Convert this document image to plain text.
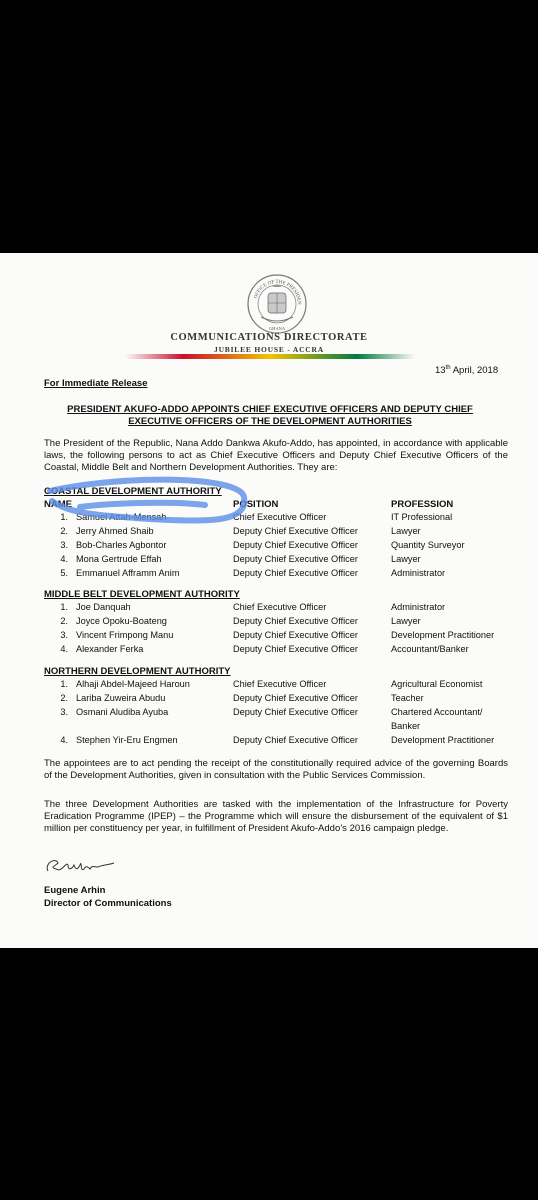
OFFICE OF THE PRESIDEN
GHANA
COMMUNICATIONS DIRECTORATE
JUBILEE HOUSE - ACCRA
13th April, 2018
For Immediate Release
PRESIDENT AKUFO-ADDO APPOINTS CHIEF EXECUTIVE OFFICERS AND DEPUTY CHIEF EXECUTIVE OFFICERS OF THE DEVELOPMENT AUTHORITIES
The President of the Republic, Nana Addo Dankwa Akufo-Addo, has appointed, in accordance with applicable laws, the following persons to act as Chief Executive Officers and Deputy Chief Executive Officers of the Coastal, Middle Belt and Northern Development Authorities. They are:
COASTAL DEVELOPMENT AUTHORITY
NAME	POSITION	PROFESSION
1. Samuel Attah-Mensah	Chief Executive Officer	IT Professional
2. Jerry Ahmed Shaib	Deputy Chief Executive Officer	Lawyer
3. Bob-Charles Agbontor	Deputy Chief Executive Officer	Quantity Surveyor
4. Mona Gertrude Effah	Deputy Chief Executive Officer	Lawyer
5. Emmanuel Afframm Anim	Deputy Chief Executive Officer	Administrator
MIDDLE BELT DEVELOPMENT AUTHORITY
1. Joe Danquah	Chief Executive Officer	Administrator
2. Joyce Opoku-Boateng	Deputy Chief Executive Officer	Lawyer
3. Vincent Frimpong Manu	Deputy Chief Executive Officer	Development Practitioner
4. Alexander Ferka	Deputy Chief Executive Officer	Accountant/Banker
NORTHERN DEVELOPMENT AUTHORITY
1. Alhaji Abdel-Majeed Haroun	Chief Executive Officer	Agricultural Economist
2. Lariba Zuweira Abudu	Deputy Chief Executive Officer	Teacher
3. Osmani Aludiba Ayuba	Deputy Chief Executive Officer	Chartered Accountant/
Banker
4. Stephen Yir-Eru Engmen	Deputy Chief Executive Officer	Development Practitioner
The appointees are to act pending the receipt of the constitutionally required advice of the governing Boards of the Development Authorities, given in consultation with the Public Services Commission.
The three Development Authorities are tasked with the implementation of the Infrastructure for Poverty Eradication Programme (IPEP) – the Programme which will ensure the disbursement of the equivalent of $1 million per constituency per year, in fulfillment of President Akufo-Addo’s 2016 campaign pledge.
Eugene Arhin
Director of Communications
